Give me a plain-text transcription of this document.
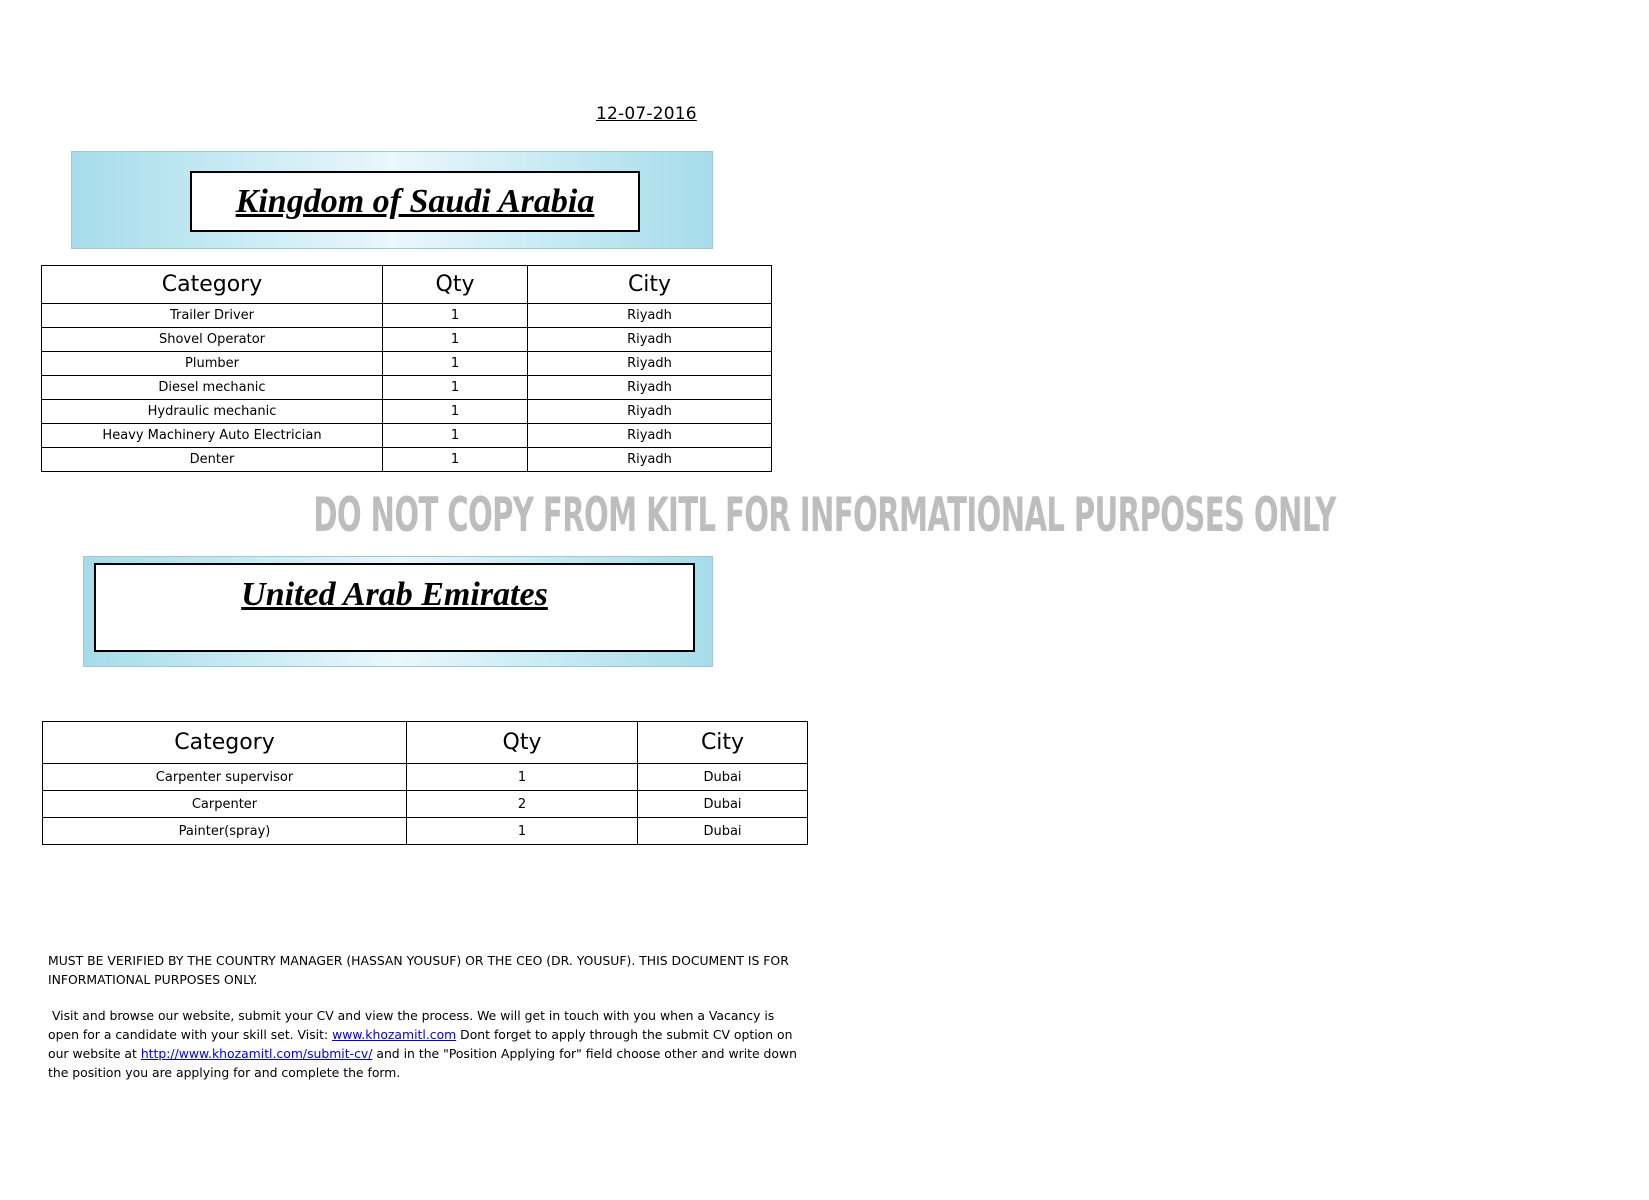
12-07-2016
Kingdom of Saudi Arabia
Category	Qty	City
Trailer Driver	1	Riyadh
Shovel Operator	1	Riyadh
Plumber	1	Riyadh
Diesel mechanic	1	Riyadh
Hydraulic mechanic	1	Riyadh
Heavy Machinery Auto Electrician	1	Riyadh
Denter	1	Riyadh
DO NOT COPY FROM KITL FOR INFORMATIONAL PURPOSES ONLY
United Arab Emirates
Category	Qty	City
Carpenter supervisor	1	Dubai
Carpenter	2	Dubai
Painter(spray)	1	Dubai
MUST BE VERIFIED BY THE COUNTRY MANAGER (HASSAN YOUSUF) OR THE CEO (DR. YOUSUF). THIS DOCUMENT IS FOR INFORMATIONAL PURPOSES ONLY.
Visit and browse our website, submit your CV and view the process. We will get in touch with you when a Vacancy is open for a candidate with your skill set. Visit: www.khozamitl.com Dont forget to apply through the submit CV option on our website at http://www.khozamitl.com/submit-cv/ and in the "Position Applying for" field choose other and write down the position you are applying for and complete the form.
